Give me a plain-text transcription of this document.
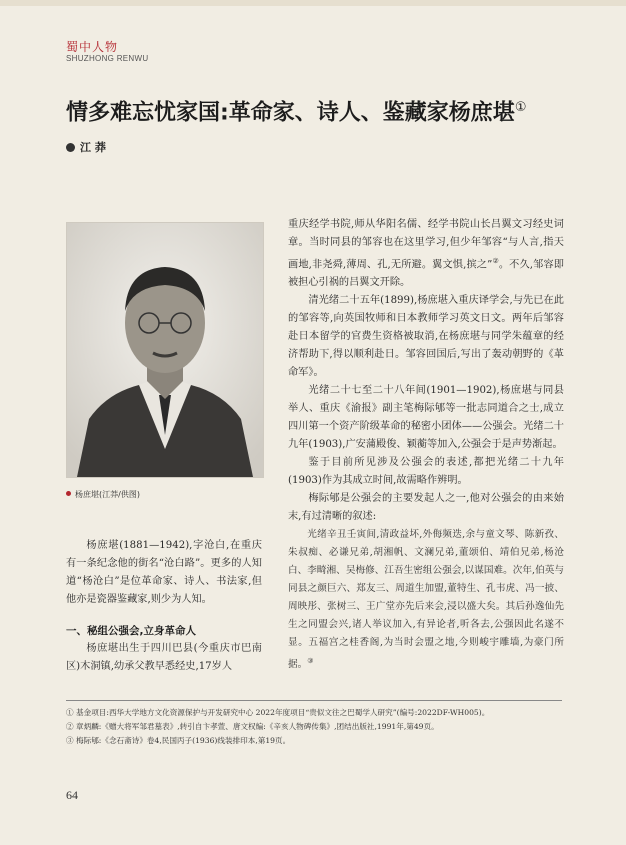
蜀中人物
SHUZHONG RENWU
情多难忘忧家国:革命家、诗人、鉴藏家杨庶堪①
江 莽
杨庶堪(江莽/供图)

杨庶堪(1881—1942),字沧白,在重庆有一条纪念他的街名“沧白路”。更多的人知道“杨沧白”是位革命家、诗人、书法家,但他亦是瓷器鉴藏家,则少为人知。

一、秘组公强会,立身革命人

杨庶堪出生于四川巴县(今重庆市巴南区)木洞镇,幼承父教早悉经史,17岁人

重庆经学书院,师从华阳名儒、经学书院山长吕翼文习经史词章。当时同县的邹容也在这里学习,但少年邹容“与人言,指天画地,非尧舜,薄周、孔,无所避。翼文惧,摈之”②。不久,邹容即被担心引祸的吕翼文开除。

清光绪二十五年(1899),杨庶堪入重庆译学会,与先已在此的邹容等,向英国牧师和日本教师学习英文日文。两年后邹容赴日本留学的官费生资格被取消,在杨庶堪与同学朱蕴章的经济帮助下,得以顺利赴日。邹容回国后,写出了轰动朝野的《革命军》。

光绪二十七至二十八年间(1901—1902),杨庶堪与同县举人、重庆《渝报》副主笔梅际郇等一批志同道合之士,成立四川第一个资产阶级革命的秘密小团体——公强会。光绪二十九年(1903),广安蒲殿俊、颖蘅等加入,公强会于是声势渐起。

鉴于目前所见涉及公强会的表述,都把光绪二十九年(1903)作为其成立时间,故需略作辨明。

梅际郇是公强会的主要发起人之一,他对公强会的由来始末,有过清晰的叙述:

光绪辛丑壬寅间,清政益坏,外侮频迭,余与童文琴、陈新孜、朱叔痴、必谦兄弟,胡湘帆、文澜兄弟,董颂伯、靖伯兄弟,杨沧白、李畸湘、吴梅修、江吾生密组公强会,以谋国难。次年,伯英与同县之颜巨六、郑友三、周道生加盟,董特生、孔韦虎、冯一披、周映彤、张树三、王广堂亦先后来会,浸以盛大矣。其后孙逸仙先生之同盟会兴,诸人举议加入,有异论者,听各去,公强因此名遂不显。五福宫之桂香阁,为当时会盟之地,今则峻宇雕墙,为豪门所据。③

① 基金项目:西华大学地方文化资源保护与开发研究中心 2022年度项目“贵似文往之巴蜀学人研究”(编号:2022DF-WH005)。
② 章炳麟:《赠大将军邹君墓表》,转引自卞孝萱、唐文权编:《辛亥人物碑传集》,团结出版社,1991年,第49页。
③ 梅际郇:《念石斋诗》卷4,民国丙子(1936)线装排印本,第19页。
64
